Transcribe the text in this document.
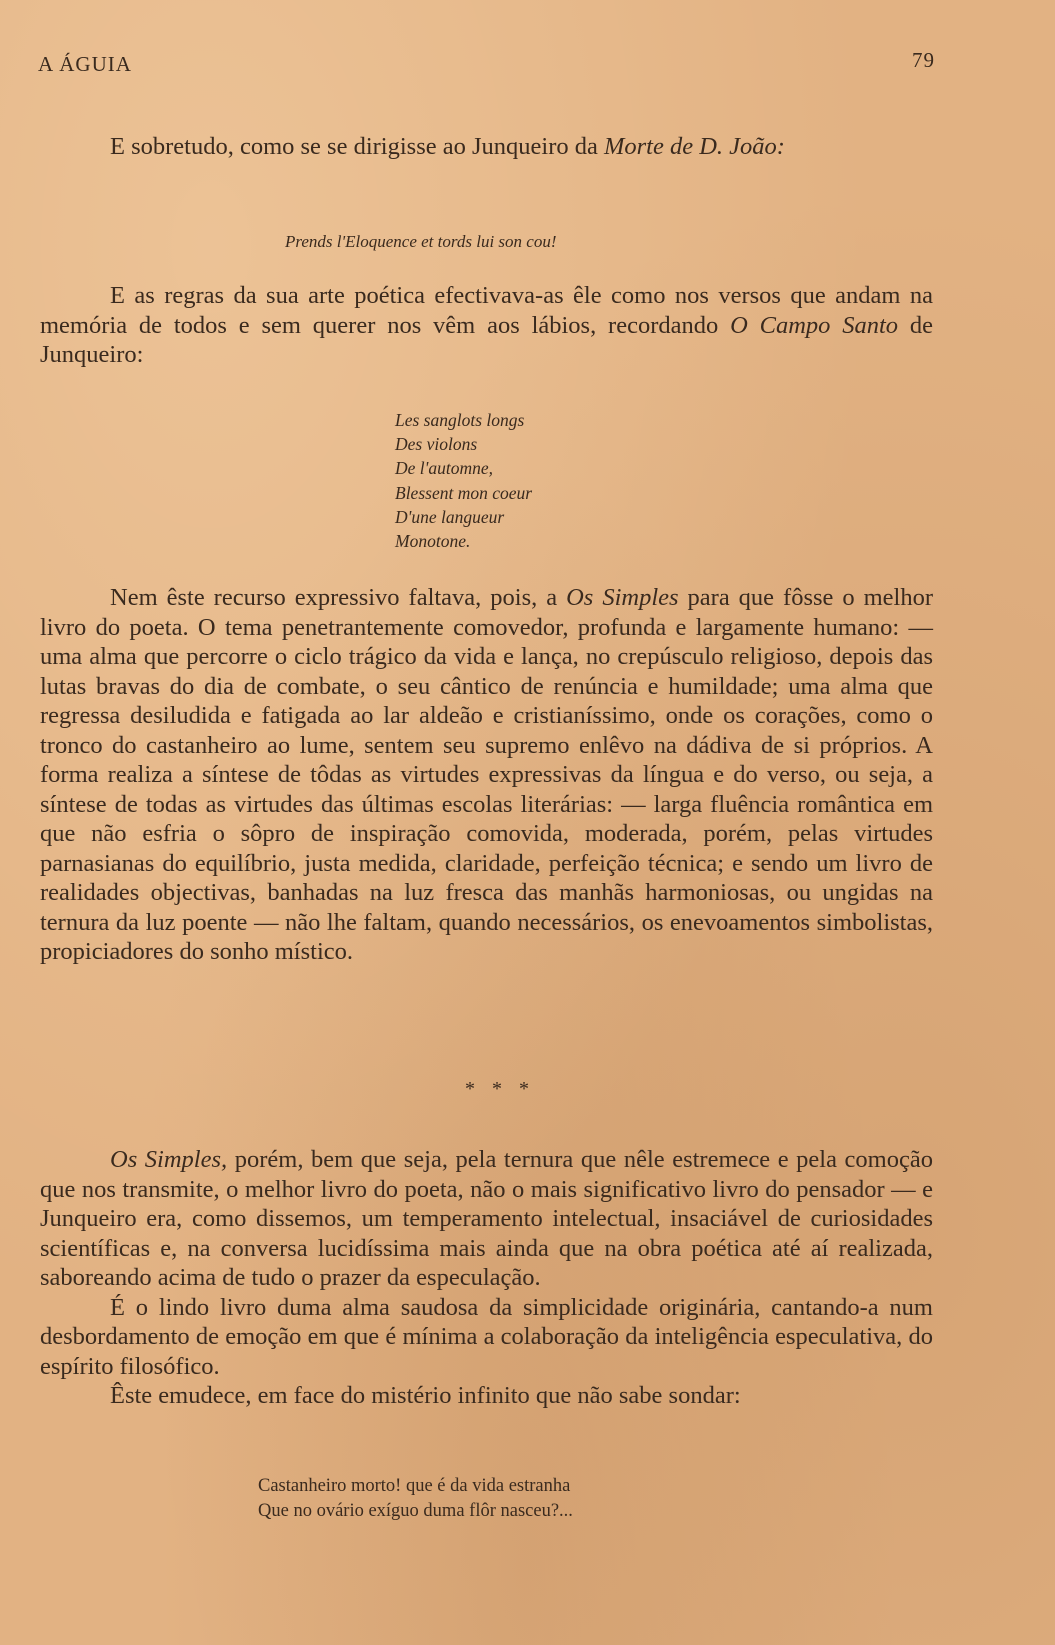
A ÁGUIA	79

E sobretudo, como se se dirigisse ao Junqueiro da Morte de D. João:

Prends l'Eloquence et tords lui son cou!

E as regras da sua arte poética efectivava-as êle como nos versos que andam na memória de todos e sem querer nos vêm aos lábios, recordando O Campo Santo de Junqueiro:

Les sanglots longs
Des violons
De l'automne,
Blessent mon coeur
D'une langueur
Monotone.

Nem êste recurso expressivo faltava, pois, a Os Simples para que fôsse o melhor livro do poeta. O tema penetrantemente comovedor, profunda e largamente humano: — uma alma que percorre o ciclo trágico da vida e lança, no crepúsculo religioso, depois das lutas bravas do dia de combate, o seu cântico de renúncia e humildade; uma alma que regressa desiludida e fatigada ao lar aldeão e cristianíssimo, onde os corações, como o tronco do castanheiro ao lume, sentem seu supremo enlêvo na dádiva de si próprios. A forma realiza a síntese de tôdas as virtudes expressivas da língua e do verso, ou seja, a síntese de todas as virtudes das últimas escolas literárias: — larga fluência romântica em que não esfria o sôpro de inspiração comovida, moderada, porém, pelas virtudes parnasianas do equilíbrio, justa medida, claridade, perfeição técnica; e sendo um livro de realidades objectivas, banhadas na luz fresca das manhãs harmoniosas, ou ungidas na ternura da luz poente — não lhe faltam, quando necessários, os enevoamentos simbolistas, propiciadores do sonho místico.

* * *

Os Simples, porém, bem que seja, pela ternura que nêle estremece e pela comoção que nos transmite, o melhor livro do poeta, não o mais significativo livro do pensador — e Junqueiro era, como dissemos, um temperamento intelectual, insaciável de curiosidades scientíficas e, na conversa lucidíssima mais ainda que na obra poética até aí realizada, saboreando acima de tudo o prazer da especulação.

É o lindo livro duma alma saudosa da simplicidade originária, cantando-a num desbordamento de emoção em que é mínima a colaboração da inteligência especulativa, do espírito filosófico.

Êste emudece, em face do mistério infinito que não sabe sondar:

Castanheiro morto! que é da vida estranha
Que no ovário exíguo duma flôr nasceu?...
